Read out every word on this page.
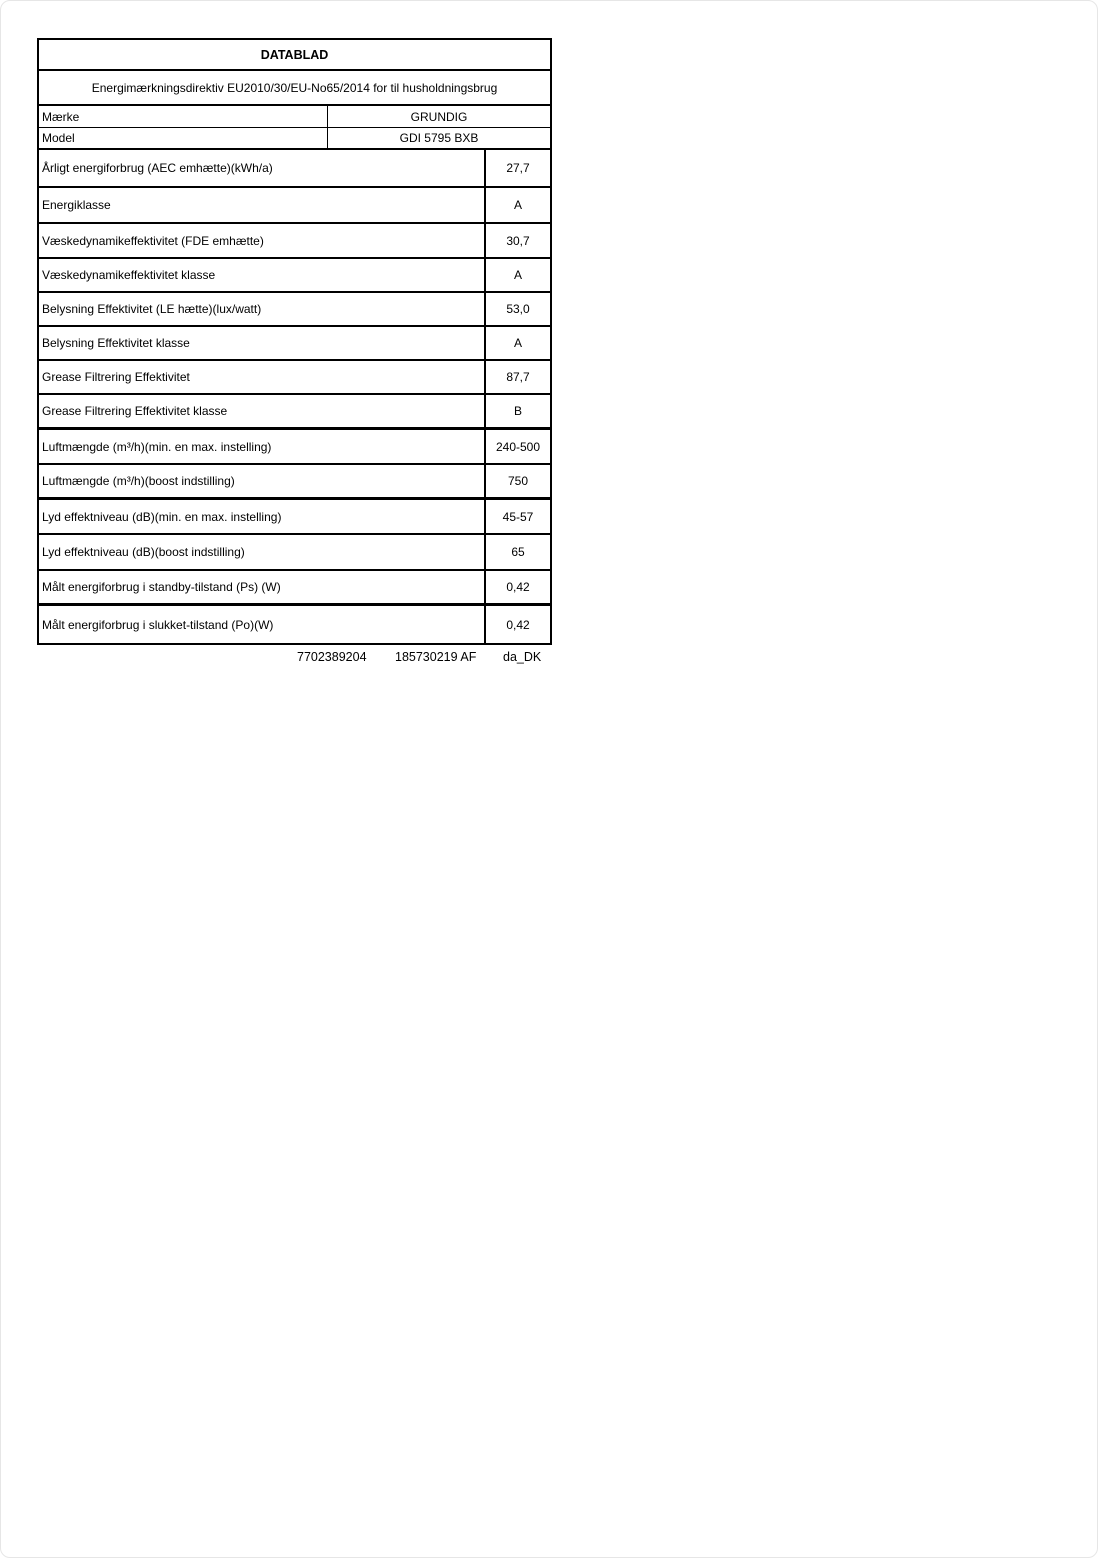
DATABLAD
Energimærkningsdirektiv EU2010/30/EU-No65/2014 for til husholdningsbrug
Mærke	GRUNDIG
Model	GDI 5795 BXB
Årligt energiforbrug (AEC emhætte)(kWh/a)	27,7
Energiklasse	A
Væskedynamikeffektivitet (FDE emhætte)	30,7
Væskedynamikeffektivitet klasse	A
Belysning Effektivitet (LE hætte)(lux/watt)	53,0
Belysning Effektivitet klasse	A
Grease Filtrering Effektivitet	87,7
Grease Filtrering Effektivitet klasse	B
Luftmængde (m³/h)(min. en max. instelling)	240-500
Luftmængde (m³/h)(boost indstilling)	750
Lyd effektniveau (dB)(min. en max. instelling)	45-57
Lyd effektniveau (dB)(boost indstilling)	65
Målt energiforbrug i standby-tilstand (Ps) (W)	0,42
Målt energiforbrug i slukket-tilstand (Po)(W)	0,42
7702389204 185730219 AF da_DK
